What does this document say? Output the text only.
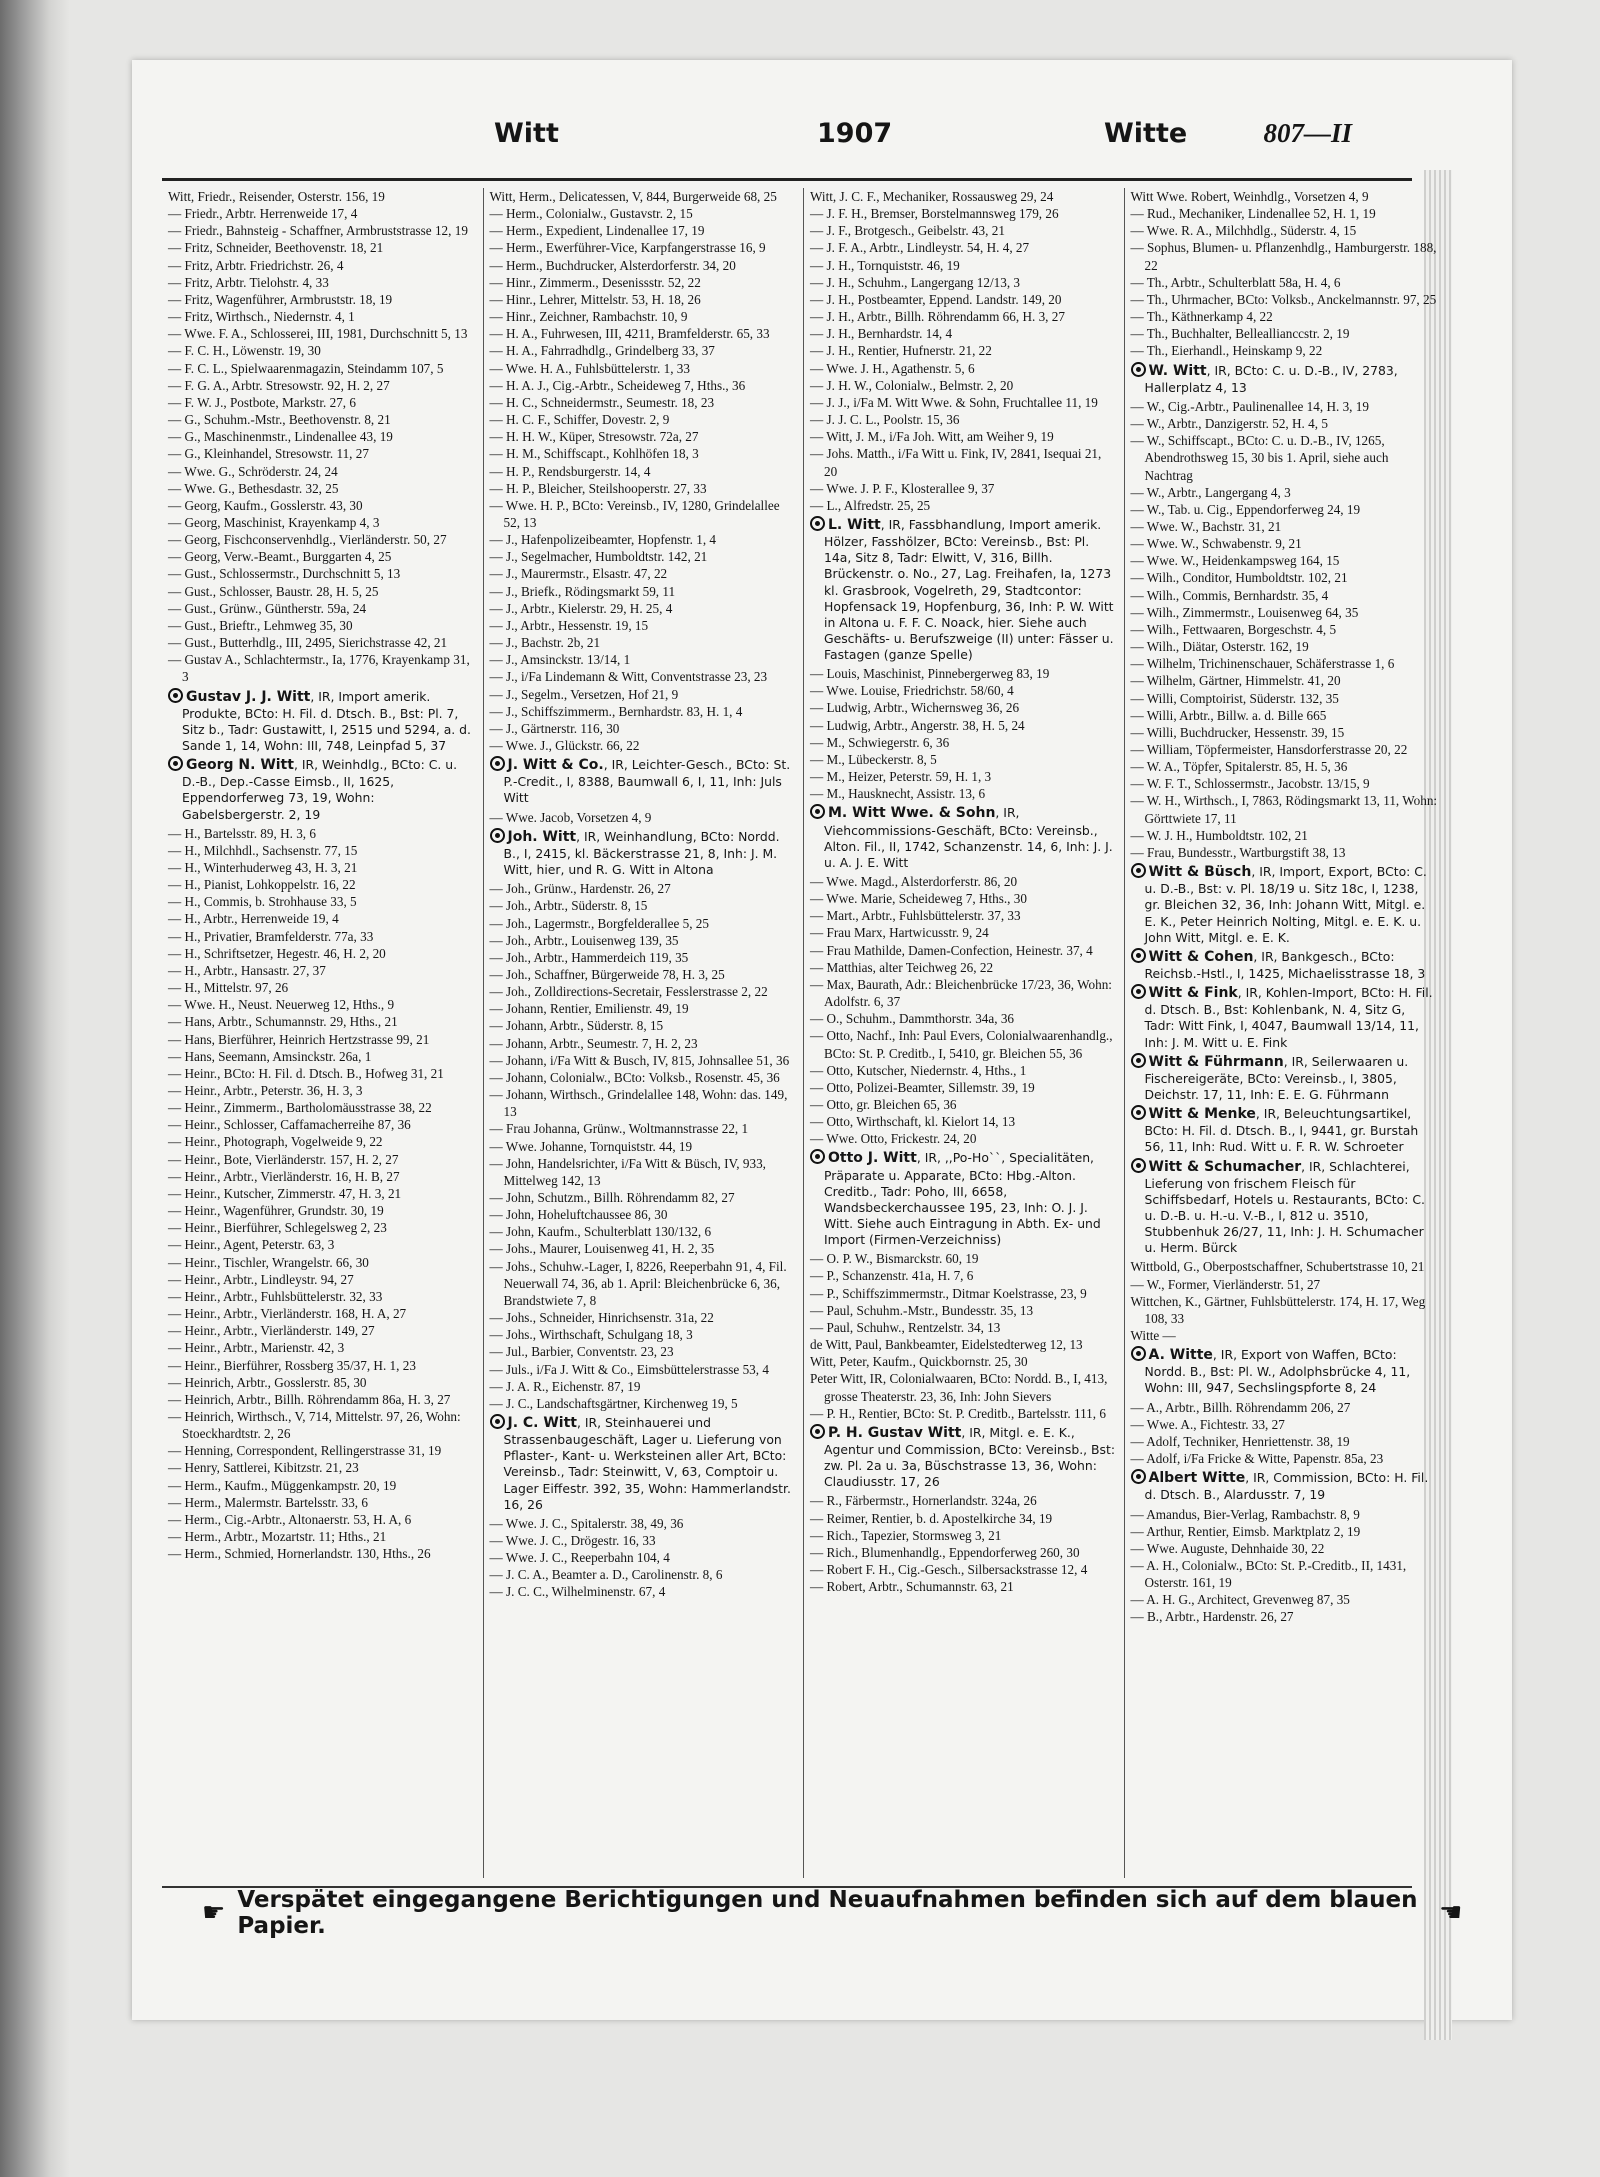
Witt	1907	Witte	807—II
Witt, Friedr., Reisender, Osterstr. 156, 19
— Friedr., Arbtr. Herrenweide 17, 4
— Friedr., Bahnsteig - Schaffner, Armbruststrasse 12, 19
— Fritz, Schneider, Beethovenstr. 18, 21
— Fritz, Arbtr. Friedrichstr. 26, 4
— Fritz, Arbtr. Tielohstr. 4, 33
— Fritz, Wagenführer, Armbruststr. 18, 19
— Fritz, Wirthsch., Niedernstr. 4, 1
— Wwe. F. A., Schlosserei, III, 1981, Durchschnitt 5, 13
— F. C. H., Löwenstr. 19, 30
— F. C. L., Spielwaarenmagazin, Steindamm 107, 5
— F. G. A., Arbtr. Stresowstr. 92, H. 2, 27
— F. W. J., Postbote, Markstr. 27, 6
— G., Schuhm.-Mstr., Beethovenstr. 8, 21
— G., Maschinenmstr., Lindenallee 43, 19
— G., Kleinhandel, Stresowstr. 11, 27
— Wwe. G., Schröderstr. 24, 24
— Wwe. G., Bethesdastr. 32, 25
— Georg, Kaufm., Gosslerstr. 43, 30
— Georg, Maschinist, Krayenkamp 4, 3
— Georg, Fischconservenhdlg., Vierländerstr. 50, 27
— Georg, Verw.-Beamt., Burggarten 4, 25
— Gust., Schlossermstr., Durchschnitt 5, 13
— Gust., Schlosser, Baustr. 28, H. 5, 25
— Gust., Grünw., Güntherstr. 59a, 24
— Gust., Brieftr., Lehmweg 35, 30
— Gust., Butterhdlg., III, 2495, Sierichstrasse 42, 21
— Gustav A., Schlachtermstr., Ia, 1776, Krayenkamp 31, 3
Gustav J. J. Witt, IR, Import amerik. Produkte, BCto: H. Fil. d. Dtsch. B., Bst: Pl. 7, Sitz b., Tadr: Gustawitt, I, 2515 und 5294, a. d. Sande 1, 14, Wohn: III, 748, Leinpfad 5, 37
Georg N. Witt, IR, Weinhdlg., BCto: C. u. D.-B., Dep.-Casse Eimsb., II, 1625, Eppendorferweg 73, 19, Wohn: Gabelsbergerstr. 2, 19
— H., Bartelsstr. 89, H. 3, 6
— H., Milchhdl., Sachsenstr. 77, 15
— H., Winterhuderweg 43, H. 3, 21
— H., Pianist, Lohkoppelstr. 16, 22
— H., Commis, b. Strohhause 33, 5
— H., Arbtr., Herrenweide 19, 4
— H., Privatier, Bramfelderstr. 77a, 33
— H., Schriftsetzer, Hegestr. 46, H. 2, 20
— H., Arbtr., Hansastr. 27, 37
— H., Mittelstr. 97, 26
— Wwe. H., Neust. Neuerweg 12, Hths., 9
— Hans, Arbtr., Schumannstr. 29, Hths., 21
— Hans, Bierführer, Heinrich Hertzstrasse 99, 21
— Hans, Seemann, Amsinckstr. 26a, 1
— Heinr., BCto: H. Fil. d. Dtsch. B., Hofweg 31, 21
— Heinr., Arbtr., Peterstr. 36, H. 3, 3
— Heinr., Zimmerm., Bartholomäusstrasse 38, 22
— Heinr., Schlosser, Caffamacherreihe 87, 36
— Heinr., Photograph, Vogelweide 9, 22
— Heinr., Bote, Vierländerstr. 157, H. 2, 27
— Heinr., Arbtr., Vierländerstr. 16, H. B, 27
— Heinr., Kutscher, Zimmerstr. 47, H. 3, 21
— Heinr., Wagenführer, Grundstr. 30, 19
— Heinr., Bierführer, Schlegelsweg 2, 23
— Heinr., Agent, Peterstr. 63, 3
— Heinr., Tischler, Wrangelstr. 66, 30
— Heinr., Arbtr., Lindleystr. 94, 27
— Heinr., Arbtr., Fuhlsbüttelerstr. 32, 33
— Heinr., Arbtr., Vierländerstr. 168, H. A, 27
— Heinr., Arbtr., Vierländerstr. 149, 27
— Heinr., Arbtr., Marienstr. 42, 3
— Heinr., Bierführer, Rossberg 35/37, H. 1, 23
— Heinrich, Arbtr., Gosslerstr. 85, 30
— Heinrich, Arbtr., Billh. Röhrendamm 86a, H. 3, 27
— Heinrich, Wirthsch., V, 714, Mittelstr. 97, 26, Wohn: Stoeckhardtstr. 2, 26
— Henning, Correspondent, Rellingerstrasse 31, 19
— Henry, Sattlerei, Kibitzstr. 21, 23
— Herm., Kaufm., Müggenkampstr. 20, 19
— Herm., Malermstr. Bartelsstr. 33, 6
— Herm., Cig.-Arbtr., Altonaerstr. 53, H. A, 6
— Herm., Arbtr., Mozartstr. 11; Hths., 21
— Herm., Schmied, Hornerlandstr. 130, Hths., 26
Witt, Herm., Delicatessen, V, 844, Burgerweide 68, 25
— Herm., Colonialw., Gustavstr. 2, 15
— Herm., Expedient, Lindenallee 17, 19
— Herm., Ewerführer-Vice, Karpfangerstrasse 16, 9
— Herm., Buchdrucker, Alsterdorferstr. 34, 20
— Hinr., Zimmerm., Desenissstr. 52, 22
— Hinr., Lehrer, Mittelstr. 53, H. 18, 26
— Hinr., Zeichner, Rambachstr. 10, 9
— H. A., Fuhrwesen, III, 4211, Bramfelderstr. 65, 33
— H. A., Fahrradhdlg., Grindelberg 33, 37
— Wwe. H. A., Fuhlsbüttelerstr. 1, 33
— H. A. J., Cig.-Arbtr., Scheideweg 7, Hths., 36
— H. C., Schneidermstr., Seumestr. 18, 23
— H. C. F., Schiffer, Dovestr. 2, 9
— H. H. W., Küper, Stresowstr. 72a, 27
— H. M., Schiffscapt., Kohlhöfen 18, 3
— H. P., Rendsburgerstr. 14, 4
— H. P., Bleicher, Steilshooperstr. 27, 33
— Wwe. H. P., BCto: Vereinsb., IV, 1280, Grindelallee 52, 13
— J., Hafenpolizeibeamter, Hopfenstr. 1, 4
— J., Segelmacher, Humboldtstr. 142, 21
— J., Maurermstr., Elsastr. 47, 22
— J., Briefk., Rödingsmarkt 59, 11
— J., Arbtr., Kielerstr. 29, H. 25, 4
— J., Arbtr., Hessenstr. 19, 15
— J., Bachstr. 2b, 21
— J., Amsinckstr. 13/14, 1
— J., i/Fa Lindemann & Witt, Conventstrasse 23, 23
— J., Segelm., Versetzen, Hof 21, 9
— J., Schiffszimmerm., Bernhardstr. 83, H. 1, 4
— J., Gärtnerstr. 116, 30
— Wwe. J., Glückstr. 66, 22
J. Witt & Co., IR, Leichter-Gesch., BCto: St. P.-Credit., I, 8388, Baumwall 6, I, 11, Inh: Juls Witt
— Wwe. Jacob, Vorsetzen 4, 9
Joh. Witt, IR, Weinhandlung, BCto: Nordd. B., I, 2415, kl. Bäckerstrasse 21, 8, Inh: J. M. Witt, hier, und R. G. Witt in Altona
— Joh., Grünw., Hardenstr. 26, 27
— Joh., Arbtr., Süderstr. 8, 15
— Joh., Lagermstr., Borgfelderallee 5, 25
— Joh., Arbtr., Louisenweg 139, 35
— Joh., Arbtr., Hammerdeich 119, 35
— Joh., Schaffner, Bürgerweide 78, H. 3, 25
— Joh., Zolldirections-Secretair, Fesslerstrasse 2, 22
— Johann, Rentier, Emilienstr. 49, 19
— Johann, Arbtr., Süderstr. 8, 15
— Johann, Arbtr., Seumestr. 7, H. 2, 23
— Johann, i/Fa Witt & Busch, IV, 815, Johnsallee 51, 36
— Johann, Colonialw., BCto: Volksb., Rosenstr. 45, 36
— Johann, Wirthsch., Grindelallee 148, Wohn: das. 149, 13
— Frau Johanna, Grünw., Woltmannstrasse 22, 1
— Wwe. Johanne, Tornquiststr. 44, 19
— John, Handelsrichter, i/Fa Witt & Büsch, IV, 933, Mittelweg 142, 13
— John, Schutzm., Billh. Röhrendamm 82, 27
— John, Hoheluftchaussee 86, 30
— John, Kaufm., Schulterblatt 130/132, 6
— Johs., Maurer, Louisenweg 41, H. 2, 35
— Johs., Schuhw.-Lager, I, 8226, Reeperbahn 91, 4, Fil. Neuerwall 74, 36, ab 1. April: Bleichenbrücke 6, 36, Brandstwiete 7, 8
— Johs., Schneider, Hinrichsenstr. 31a, 22
— Johs., Wirthschaft, Schulgang 18, 3
— Jul., Barbier, Conventstr. 23, 23
— Juls., i/Fa J. Witt & Co., Eimsbüttelerstrasse 53, 4
— J. A. R., Eichenstr. 87, 19
— J. C., Landschaftsgärtner, Kirchenweg 19, 5
J. C. Witt, IR, Steinhauerei und Strassenbaugeschäft, Lager u. Lieferung von Pflaster-, Kant- u. Werksteinen aller Art, BCto: Vereinsb., Tadr: Steinwitt, V, 63, Comptoir u. Lager Eiffestr. 392, 35, Wohn: Hammerlandstr. 16, 26
— Wwe. J. C., Spitalerstr. 38, 49, 36
— Wwe. J. C., Drögestr. 16, 33
— Wwe. J. C., Reeperbahn 104, 4
— J. C. A., Beamter a. D., Carolinenstr. 8, 6
— J. C. C., Wilhelminenstr. 67, 4
Witt, J. C. F., Mechaniker, Rossausweg 29, 24
— J. F. H., Bremser, Borstelmannsweg 179, 26
— J. F., Brotgesch., Geibelstr. 43, 21
— J. F. A., Arbtr., Lindleystr. 54, H. 4, 27
— J. H., Tornquiststr. 46, 19
— J. H., Schuhm., Langergang 12/13, 3
— J. H., Postbeamter, Eppend. Landstr. 149, 20
— J. H., Arbtr., Billh. Röhrendamm 66, H. 3, 27
— J. H., Bernhardstr. 14, 4
— J. H., Rentier, Hufnerstr. 21, 22
— Wwe. J. H., Agathenstr. 5, 6
— J. H. W., Colonialw., Belmstr. 2, 20
— J. J., i/Fa M. Witt Wwe. & Sohn, Fruchtallee 11, 19
— J. J. C. L., Poolstr. 15, 36
— Witt, J. M., i/Fa Joh. Witt, am Weiher 9, 19
— Johs. Matth., i/Fa Witt u. Fink, IV, 2841, Isequai 21, 20
— Wwe. J. P. F., Klosterallee 9, 37
— L., Alfredstr. 25, 25
L. Witt, IR, Fassbhandlung, Import amerik. Hölzer, Fasshölzer, BCto: Vereinsb., Bst: Pl. 14a, Sitz 8, Tadr: Elwitt, V, 316, Billh. Brückenstr. o. No., 27, Lag. Freihafen, Ia, 1273 kl. Grasbrook, Vogelreth, 29, Stadtcontor: Hopfensack 19, Hopfenburg, 36, Inh: P. W. Witt in Altona u. F. F. C. Noack, hier. Siehe auch Geschäfts- u. Berufszweige (II) unter: Fässer u. Fastagen (ganze Spelle)
— Louis, Maschinist, Pinnebergerweg 83, 19
— Wwe. Louise, Friedrichstr. 58/60, 4
— Ludwig, Arbtr., Wichernsweg 36, 26
— Ludwig, Arbtr., Angerstr. 38, H. 5, 24
— M., Schwiegerstr. 6, 36
— M., Lübeckerstr. 8, 5
— M., Heizer, Peterstr. 59, H. 1, 3
— M., Hausknecht, Assistr. 13, 6
M. Witt Wwe. & Sohn, IR, Viehcommissions-Geschäft, BCto: Vereinsb., Alton. Fil., II, 1742, Schanzenstr. 14, 6, Inh: J. J. u. A. J. E. Witt
— Wwe. Magd., Alsterdorferstr. 86, 20
— Wwe. Marie, Scheideweg 7, Hths., 30
— Mart., Arbtr., Fuhlsbüttelerstr. 37, 33
— Frau Marx, Hartwicusstr. 9, 24
— Frau Mathilde, Damen-Confection, Heinestr. 37, 4
— Matthias, alter Teichweg 26, 22
— Max, Baurath, Adr.: Bleichenbrücke 17/23, 36, Wohn: Adolfstr. 6, 37
— O., Schuhm., Dammthorstr. 34a, 36
— Otto, Nachf., Inh: Paul Evers, Colonialwaarenhandlg., BCto: St. P. Creditb., I, 5410, gr. Bleichen 55, 36
— Otto, Kutscher, Niedernstr. 4, Hths., 1
— Otto, Polizei-Beamter, Sillemstr. 39, 19
— Otto, gr. Bleichen 65, 36
— Otto, Wirthschaft, kl. Kielort 14, 13
— Wwe. Otto, Frickestr. 24, 20
Otto J. Witt, IR, ,,Po-Ho``, Specialitäten, Präparate u. Apparate, BCto: Hbg.-Alton. Creditb., Tadr: Poho, III, 6658, Wandsbeckerchaussee 195, 23, Inh: O. J. J. Witt. Siehe auch Eintragung in Abth. Ex- und Import (Firmen-Verzeichniss)
— O. P. W., Bismarckstr. 60, 19
— P., Schanzenstr. 41a, H. 7, 6
— P., Schiffszimmermstr., Ditmar Koelstrasse, 23, 9
— Paul, Schuhm.-Mstr., Bundesstr. 35, 13
— Paul, Schuhw., Rentzelstr. 34, 13
de Witt, Paul, Bankbeamter, Eidelstedterweg 12, 13
Witt, Peter, Kaufm., Quickbornstr. 25, 30
Peter Witt, IR, Colonialwaaren, BCto: Nordd. B., I, 413, grosse Theaterstr. 23, 36, Inh: John Sievers
— P. H., Rentier, BCto: St. P. Creditb., Bartelsstr. 111, 6
P. H. Gustav Witt, IR, Mitgl. e. E. K., Agentur und Commission, BCto: Vereinsb., Bst: zw. Pl. 2a u. 3a, Büschstrasse 13, 36, Wohn: Claudiusstr. 17, 26
— R., Färbermstr., Hornerlandstr. 324a, 26
— Reimer, Rentier, b. d. Apostelkirche 34, 19
— Rich., Tapezier, Stormsweg 3, 21
— Rich., Blumenhandlg., Eppendorferweg 260, 30
— Robert F. H., Cig.-Gesch., Silbersackstrasse 12, 4
— Robert, Arbtr., Schumannstr. 63, 21
Witt Wwe. Robert, Weinhdlg., Vorsetzen 4, 9
— Rud., Mechaniker, Lindenallee 52, H. 1, 19
— Wwe. R. A., Milchhdlg., Süderstr. 4, 15
— Sophus, Blumen- u. Pflanzenhdlg., Hamburgerstr. 188, 22
— Th., Arbtr., Schulterblatt 58a, H. 4, 6
— Th., Uhrmacher, BCto: Volksb., Anckelmannstr. 97, 25
— Th., Käthnerkamp 4, 22
— Th., Buchhalter, Belleallianccstr. 2, 19
— Th., Eierhandl., Heinskamp 9, 22
W. Witt, IR, BCto: C. u. D.-B., IV, 2783, Hallerplatz 4, 13
— W., Cig.-Arbtr., Paulinenallee 14, H. 3, 19
— W., Arbtr., Danzigerstr. 52, H. 4, 5
— W., Schiffscapt., BCto: C. u. D.-B., IV, 1265, Abendrothsweg 15, 30 bis 1. April, siehe auch Nachtrag
— W., Arbtr., Langergang 4, 3
— W., Tab. u. Cig., Eppendorferweg 24, 19
— Wwe. W., Bachstr. 31, 21
— Wwe. W., Schwabenstr. 9, 21
— Wwe. W., Heidenkampsweg 164, 15
— Wilh., Conditor, Humboldtstr. 102, 21
— Wilh., Commis, Bernhardstr. 35, 4
— Wilh., Zimmermstr., Louisenweg 64, 35
— Wilh., Fettwaaren, Borgeschstr. 4, 5
— Wilh., Diätar, Osterstr. 162, 19
— Wilhelm, Trichinenschauer, Schäferstrasse 1, 6
— Wilhelm, Gärtner, Himmelstr. 41, 20
— Willi, Comptoirist, Süderstr. 132, 35
— Willi, Arbtr., Billw. a. d. Bille 665
— Willi, Buchdrucker, Hessenstr. 39, 15
— William, Töpfermeister, Hansdorferstrasse 20, 22
— W. A., Töpfer, Spitalerstr. 85, H. 5, 36
— W. F. T., Schlossermstr., Jacobstr. 13/15, 9
— W. H., Wirthsch., I, 7863, Rödingsmarkt 13, 11, Wohn: Görttwiete 17, 11
— W. J. H., Humboldtstr. 102, 21
— Frau, Bundesstr., Wartburgstift 38, 13
Witt & Büsch, IR, Import, Export, BCto: C. u. D.-B., Bst: v. Pl. 18/19 u. Sitz 18c, I, 1238, gr. Bleichen 32, 36, Inh: Johann Witt, Mitgl. e. E. K., Peter Heinrich Nolting, Mitgl. e. E. K. u. John Witt, Mitgl. e. E. K.
Witt & Cohen, IR, Bankgesch., BCto: Reichsb.-Hstl., I, 1425, Michaelisstrasse 18, 3
Witt & Fink, IR, Kohlen-Import, BCto: H. Fil. d. Dtsch. B., Bst: Kohlenbank, N. 4, Sitz G, Tadr: Witt Fink, I, 4047, Baumwall 13/14, 11, Inh: J. M. Witt u. E. Fink
Witt & Führmann, IR, Seilerwaaren u. Fischereigeräte, BCto: Vereinsb., I, 3805, Deichstr. 17, 11, Inh: E. E. G. Führmann
Witt & Menke, IR, Beleuchtungsartikel, BCto: H. Fil. d. Dtsch. B., I, 9441, gr. Burstah 56, 11, Inh: Rud. Witt u. F. R. W. Schroeter
Witt & Schumacher, IR, Schlachterei, Lieferung von frischem Fleisch für Schiffsbedarf, Hotels u. Restaurants, BCto: C. u. D.-B. u. H.-u. V.-B., I, 812 u. 3510, Stubbenhuk 26/27, 11, Inh: J. H. Schumacher u. Herm. Bürck
Wittbold, G., Oberpostschaffner, Schubertstrasse 10, 21
— W., Former, Vierländerstr. 51, 27
Wittchen, K., Gärtner, Fuhlsbüttelerstr. 174, H. 17, Weg 108, 33
Witte —
A. Witte, IR, Export von Waffen, BCto: Nordd. B., Bst: Pl. W., Adolphsbrücke 4, 11, Wohn: III, 947, Sechslingspforte 8, 24
— A., Arbtr., Billh. Röhrendamm 206, 27
— Wwe. A., Fichtestr. 33, 27
— Adolf, Techniker, Henriettenstr. 38, 19
— Adolf, i/Fa Fricke & Witte, Papenstr. 85a, 23
Albert Witte, IR, Commission, BCto: H. Fil. d. Dtsch. B., Alardusstr. 7, 19
— Amandus, Bier-Verlag, Rambachstr. 8, 9
— Arthur, Rentier, Eimsb. Marktplatz 2, 19
— Wwe. Auguste, Dehnhaide 30, 22
— A. H., Colonialw., BCto: St. P.-Creditb., II, 1431, Osterstr. 161, 19
— A. H. G., Architect, Grevenweg 87, 35
— B., Arbtr., Hardenstr. 26, 27
☛ Verspätet eingegangene Berichtigungen und Neuaufnahmen befinden sich auf dem blauen Papier.	☛
